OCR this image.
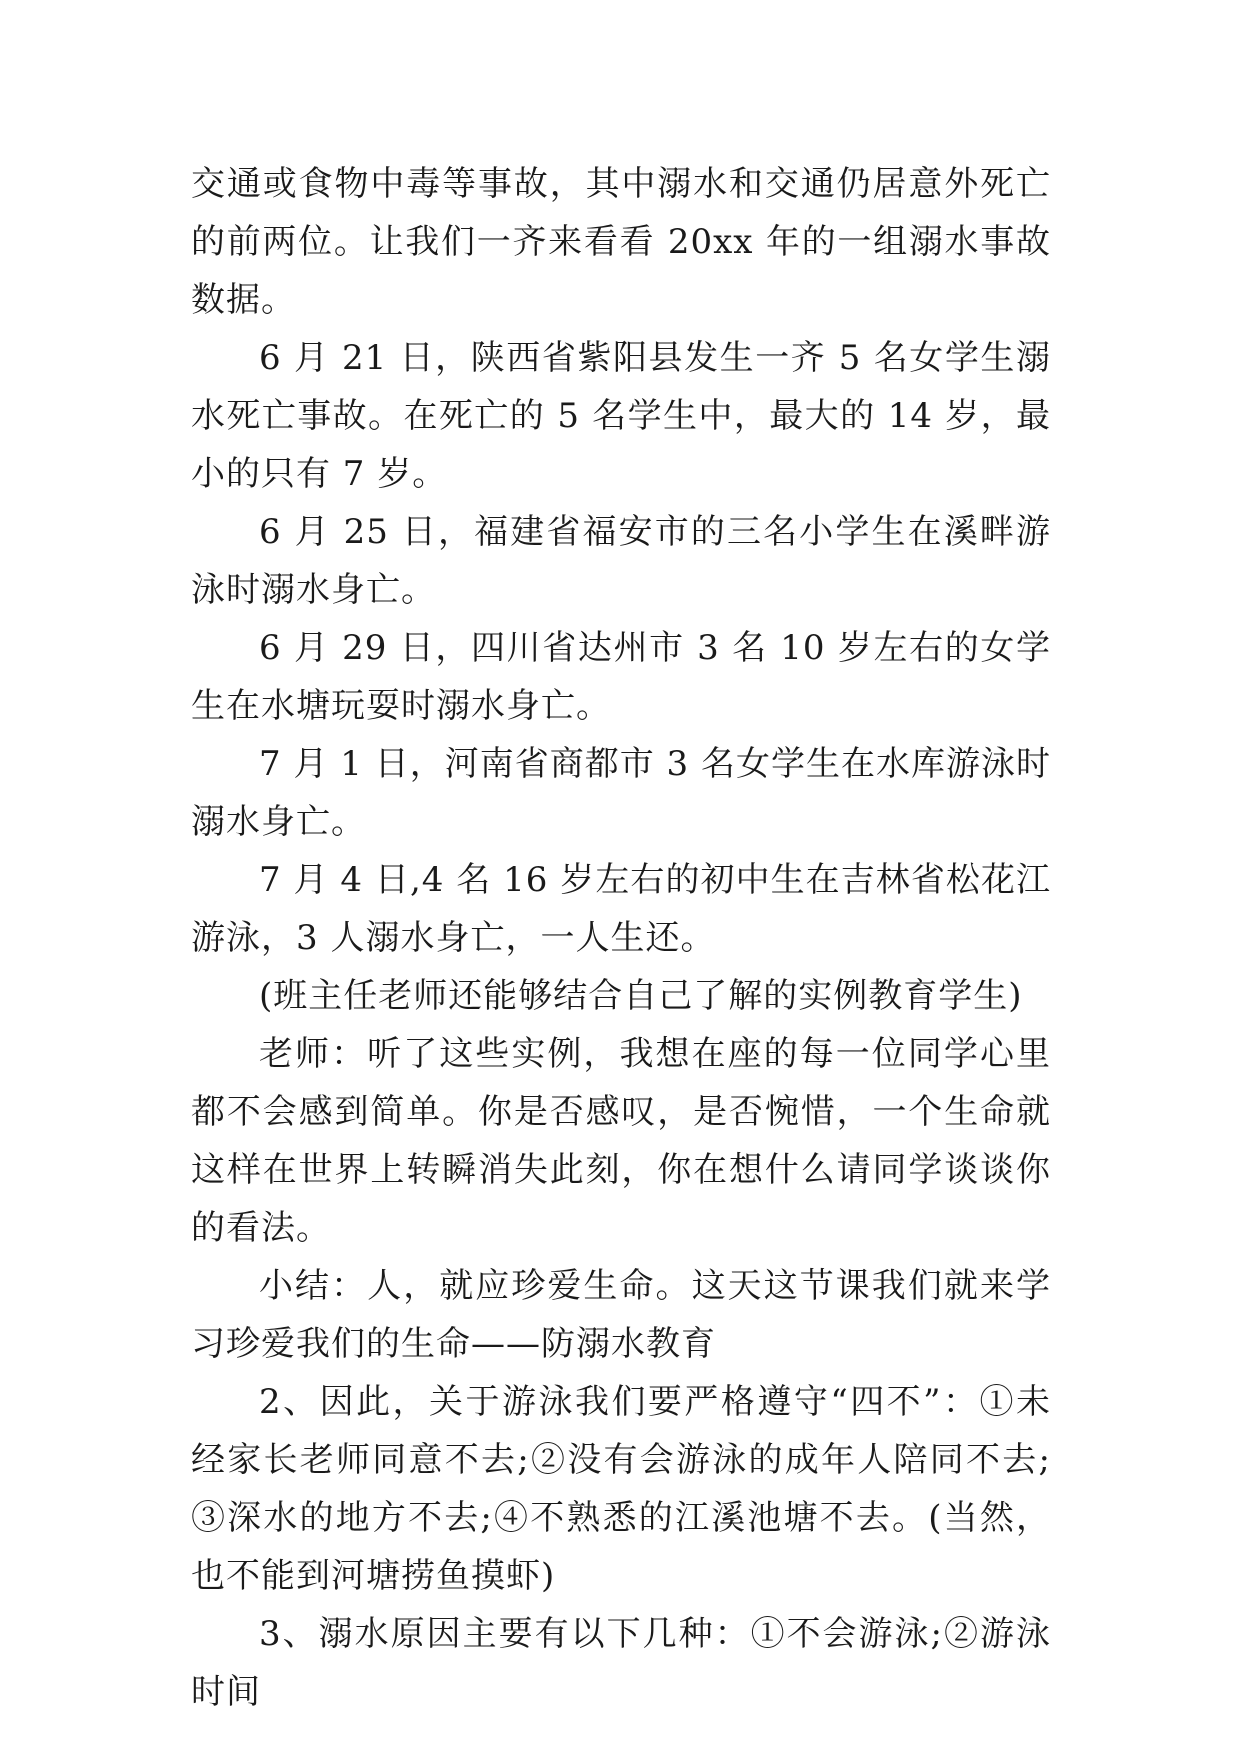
交通或食物中毒等事故，其中溺水和交通仍居意外死亡的前两位。让我们一齐来看看 20xx 年的一组溺水事故数据。

6 月 21 日，陕西省紫阳县发生一齐 5 名女学生溺水死亡事故。在死亡的 5 名学生中，最大的 14 岁，最小的只有 7 岁。

6 月 25 日，福建省福安市的三名小学生在溪畔游泳时溺水身亡。

6 月 29 日，四川省达州市 3 名 10 岁左右的女学生在水塘玩耍时溺水身亡。

7 月 1 日，河南省商都市 3 名女学生在水库游泳时溺水身亡。

7 月 4 日,4 名 16 岁左右的初中生在吉林省松花江游泳，3 人溺水身亡，一人生还。

(班主任老师还能够结合自己了解的实例教育学生)

老师：听了这些实例，我想在座的每一位同学心里都不会感到简单。你是否感叹，是否惋惜，一个生命就这样在世界上转瞬消失此刻，你在想什么请同学谈谈你的看法。

小结：人，就应珍爱生命。这天这节课我们就来学习珍爱我们的生命——防溺水教育

2、因此，关于游泳我们要严格遵守“四不”：①未经家长老师同意不去;②没有会游泳的成年人陪同不去;③深水的地方不去;④不熟悉的江溪池塘不去。(当然，也不能到河塘捞鱼摸虾)

3、溺水原因主要有以下几种：①不会游泳;②游泳时间
